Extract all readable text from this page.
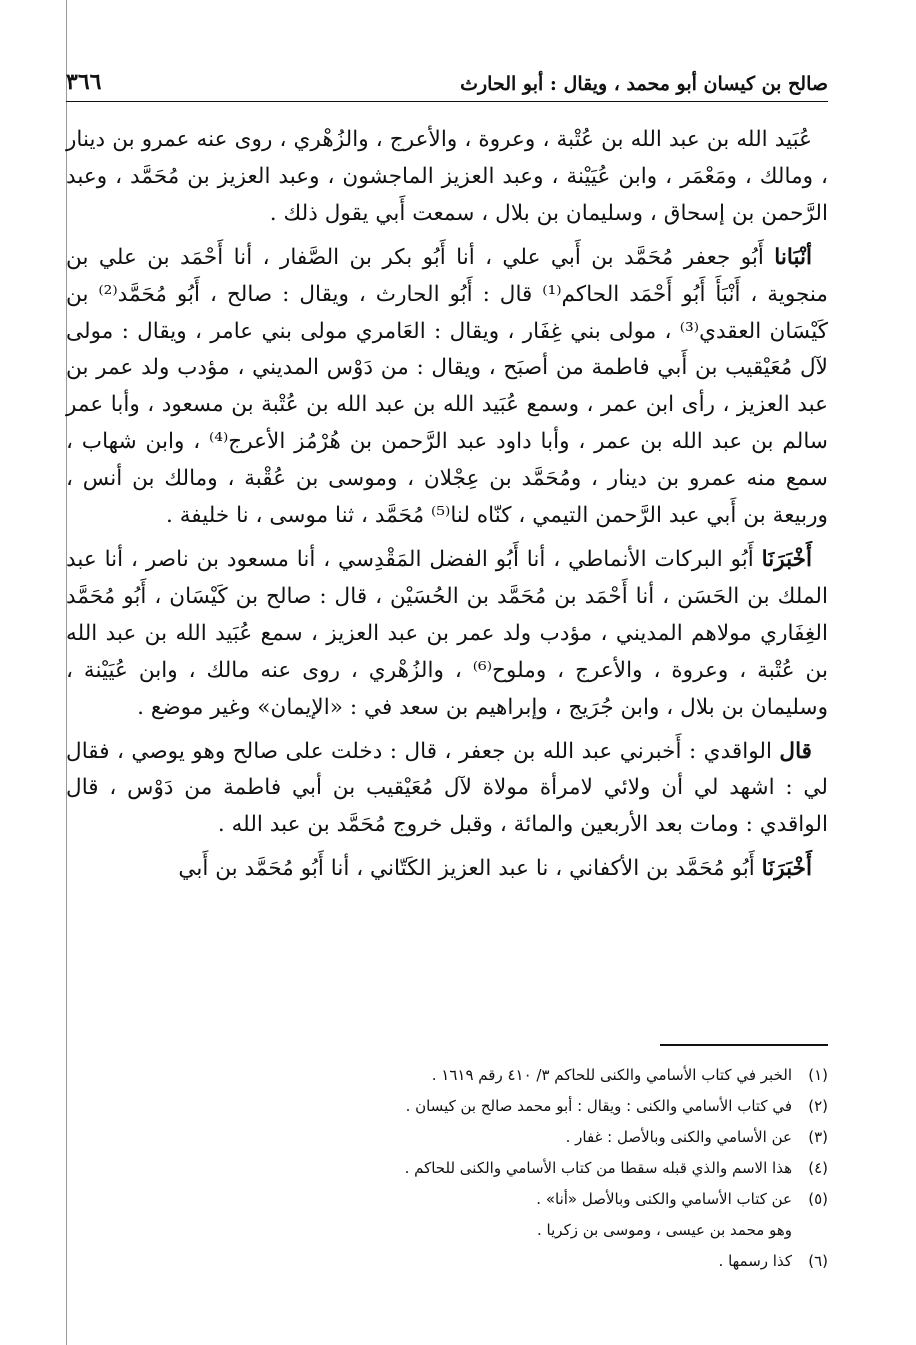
صالح بن كيسان أبو محمد ، ويقال : أبو الحارث
٣٦٦

عُبَيد الله بن عبد الله بن عُتْبة ، وعروة ، والأعرج ، والزُهْري ، روى عنه عمرو بن دينار ، ومالك ، ومَعْمَر ، وابن عُيَيْنة ، وعبد العزيز الماجشون ، وعبد العزيز بن مُحَمَّد ، وعبد الرَّحمن بن إسحاق ، وسليمان بن بلال ، سمعت أَبي يقول ذلك .

أنْبَانا أَبُو جعفر مُحَمَّد بن أَبي علي ، أنا أَبُو بكر بن الصَّفار ، أنا أَحْمَد بن علي بن منجوية ، أَنْبَأَ أَبُو أَحْمَد الحاكم⁽¹⁾ قال : أَبُو الحارث ، ويقال : صالح ، أَبُو مُحَمَّد⁽²⁾ بن كَيْسَان العقدي⁽³⁾ ، مولى بني غِفَار ، ويقال : العَامري مولى بني عامر ، ويقال : مولى لآل مُعَيْقيب بن أَبي فاطمة من أصبَح ، ويقال : من دَوْس المديني ، مؤدب ولد عمر بن عبد العزيز ، رأى ابن عمر ، وسمع عُبَيد الله بن عبد الله بن عُتْبة بن مسعود ، وأبا عمر سالم بن عبد الله بن عمر ، وأبا داود عبد الرَّحمن بن هُرْمُز الأعرج⁽⁴⁾ ، وابن شهاب ، سمع منه عمرو بن دينار ، ومُحَمَّد بن عِجْلان ، وموسى بن عُقْبة ، ومالك بن أنس ، وربيعة بن أَبي عبد الرَّحمن التيمي ، كنّاه لنا⁽⁵⁾ مُحَمَّد ، ثنا موسى ، نا خليفة .

أَخْبَرَنَا أَبُو البركات الأنماطي ، أنا أَبُو الفضل المَقْدِسي ، أنا مسعود بن ناصر ، أنا عبد الملك بن الحَسَن ، أنا أَحْمَد بن مُحَمَّد بن الحُسَيْن ، قال : صالح بن كَيْسَان ، أَبُو مُحَمَّد الغِفَاري مولاهم المديني ، مؤدب ولد عمر بن عبد العزيز ، سمع عُبَيد الله بن عبد الله بن عُتْبة ، وعروة ، والأعرج ، وملوح⁽⁶⁾ ، والزُهْري ، روى عنه مالك ، وابن عُيَيْنة ، وسليمان بن بلال ، وابن جُرَيج ، وإبراهيم بن سعد في : «الإيمان» وغير موضع .

قال الواقدي : أَخبرني عبد الله بن جعفر ، قال : دخلت على صالح وهو يوصي ، فقال لي : اشهد لي أن ولائي لامرأة مولاة لآل مُعَيْقيب بن أبي فاطمة من دَوْس ، قال الواقدي : ومات بعد الأربعين والمائة ، وقبل خروج مُحَمَّد بن عبد الله .

أَخْبَرَنَا أَبُو مُحَمَّد بن الأكفاني ، نا عبد العزيز الكَتّاني ، أنا أَبُو مُحَمَّد بن أَبي

(١)
الخبر في كتاب الأسامي والكنى للحاكم ٣/ ٤١٠ رقم ١٦١٩ .
(٢)
في كتاب الأسامي والكنى : ويقال : أبو محمد صالح بن كيسان .
(٣)
عن الأسامي والكنى وبالأصل : غفار .
(٤)
هذا الاسم والذي قبله سقطا من كتاب الأسامي والكنى للحاكم .
(٥)
عن كتاب الأسامي والكنى وبالأصل «أنا» .
وهو محمد بن عيسى ، وموسى بن زكريا .
(٦)
كذا رسمها .
